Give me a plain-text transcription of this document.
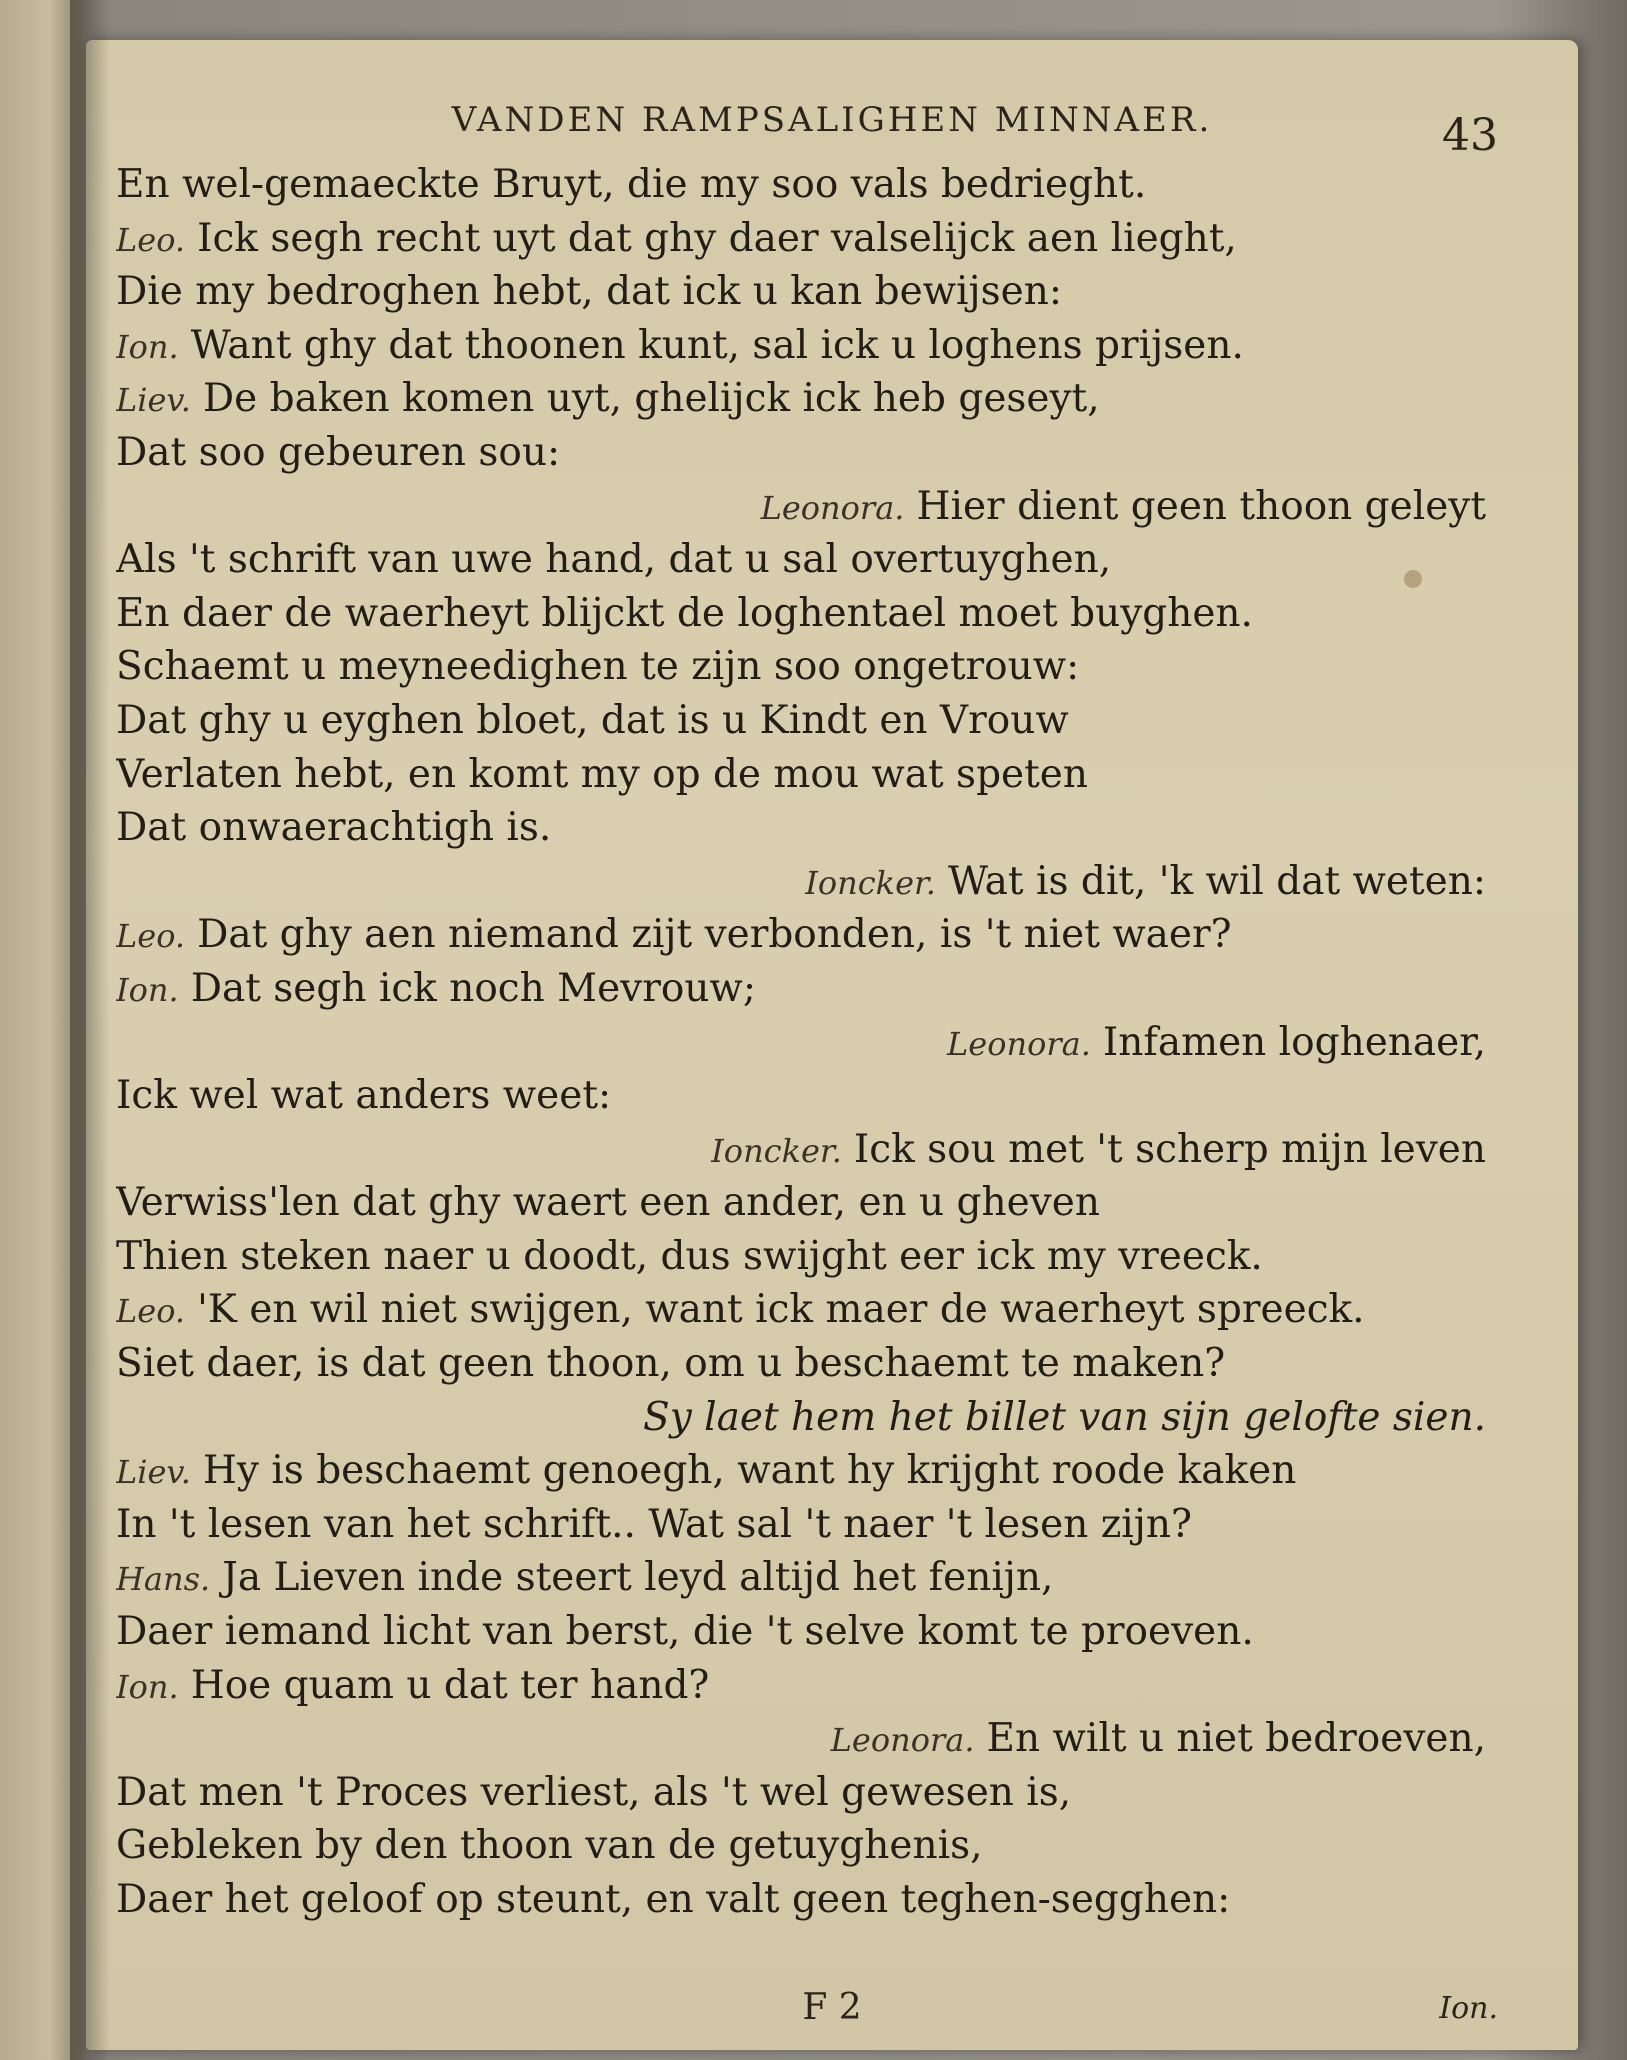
VANDEN RAMPSALIGHEN MINNAER.	43
En wel-gemaeckte Bruyt, die my soo vals bedrieght.
Leo. Ick segh recht uyt dat ghy daer valselijck aen lieght,
Die my bedroghen hebt, dat ick u kan bewijsen:
Ion. Want ghy dat thoonen kunt, sal ick u loghens prijsen.
Liev. De baken komen uyt, ghelijck ick heb geseyt,
Dat soo gebeuren sou:
Leonora. Hier dient geen thoon geleyt
Als 't schrift van uwe hand, dat u sal overtuyghen,
En daer de waerheyt blijckt de loghentael moet buyghen.
Schaemt u meyneedighen te zijn soo ongetrouw:
Dat ghy u eyghen bloet, dat is u Kindt en Vrouw
Verlaten hebt, en komt my op de mou wat speten
Dat onwaerachtigh is.
Ioncker. Wat is dit, 'k wil dat weten:
Leo. Dat ghy aen niemand zijt verbonden, is 't niet waer?
Ion. Dat segh ick noch Mevrouw;
Leonora. Infamen loghenaer,
Ick wel wat anders weet:
Ioncker. Ick sou met 't scherp mijn leven
Verwiss'len dat ghy waert een ander, en u gheven
Thien steken naer u doodt, dus swijght eer ick my vreeck.
Leo. 'K en wil niet swijgen, want ick maer de waerheyt spreeck.
Siet daer, is dat geen thoon, om u beschaemt te maken?
Sy laet hem het billet van sijn gelofte sien.
Liev. Hy is beschaemt genoegh, want hy krijght roode kaken
In 't lesen van het schrift.. Wat sal 't naer 't lesen zijn?
Hans. Ja Lieven inde steert leyd altijd het fenijn,
Daer iemand licht van berst, die 't selve komt te proeven.
Ion. Hoe quam u dat ter hand?
Leonora. En wilt u niet bedroeven,
Dat men 't Proces verliest, als 't wel gewesen is,
Gebleken by den thoon van de getuyghenis,
Daer het geloof op steunt, en valt geen teghen-segghen:
F 2	Ion.
